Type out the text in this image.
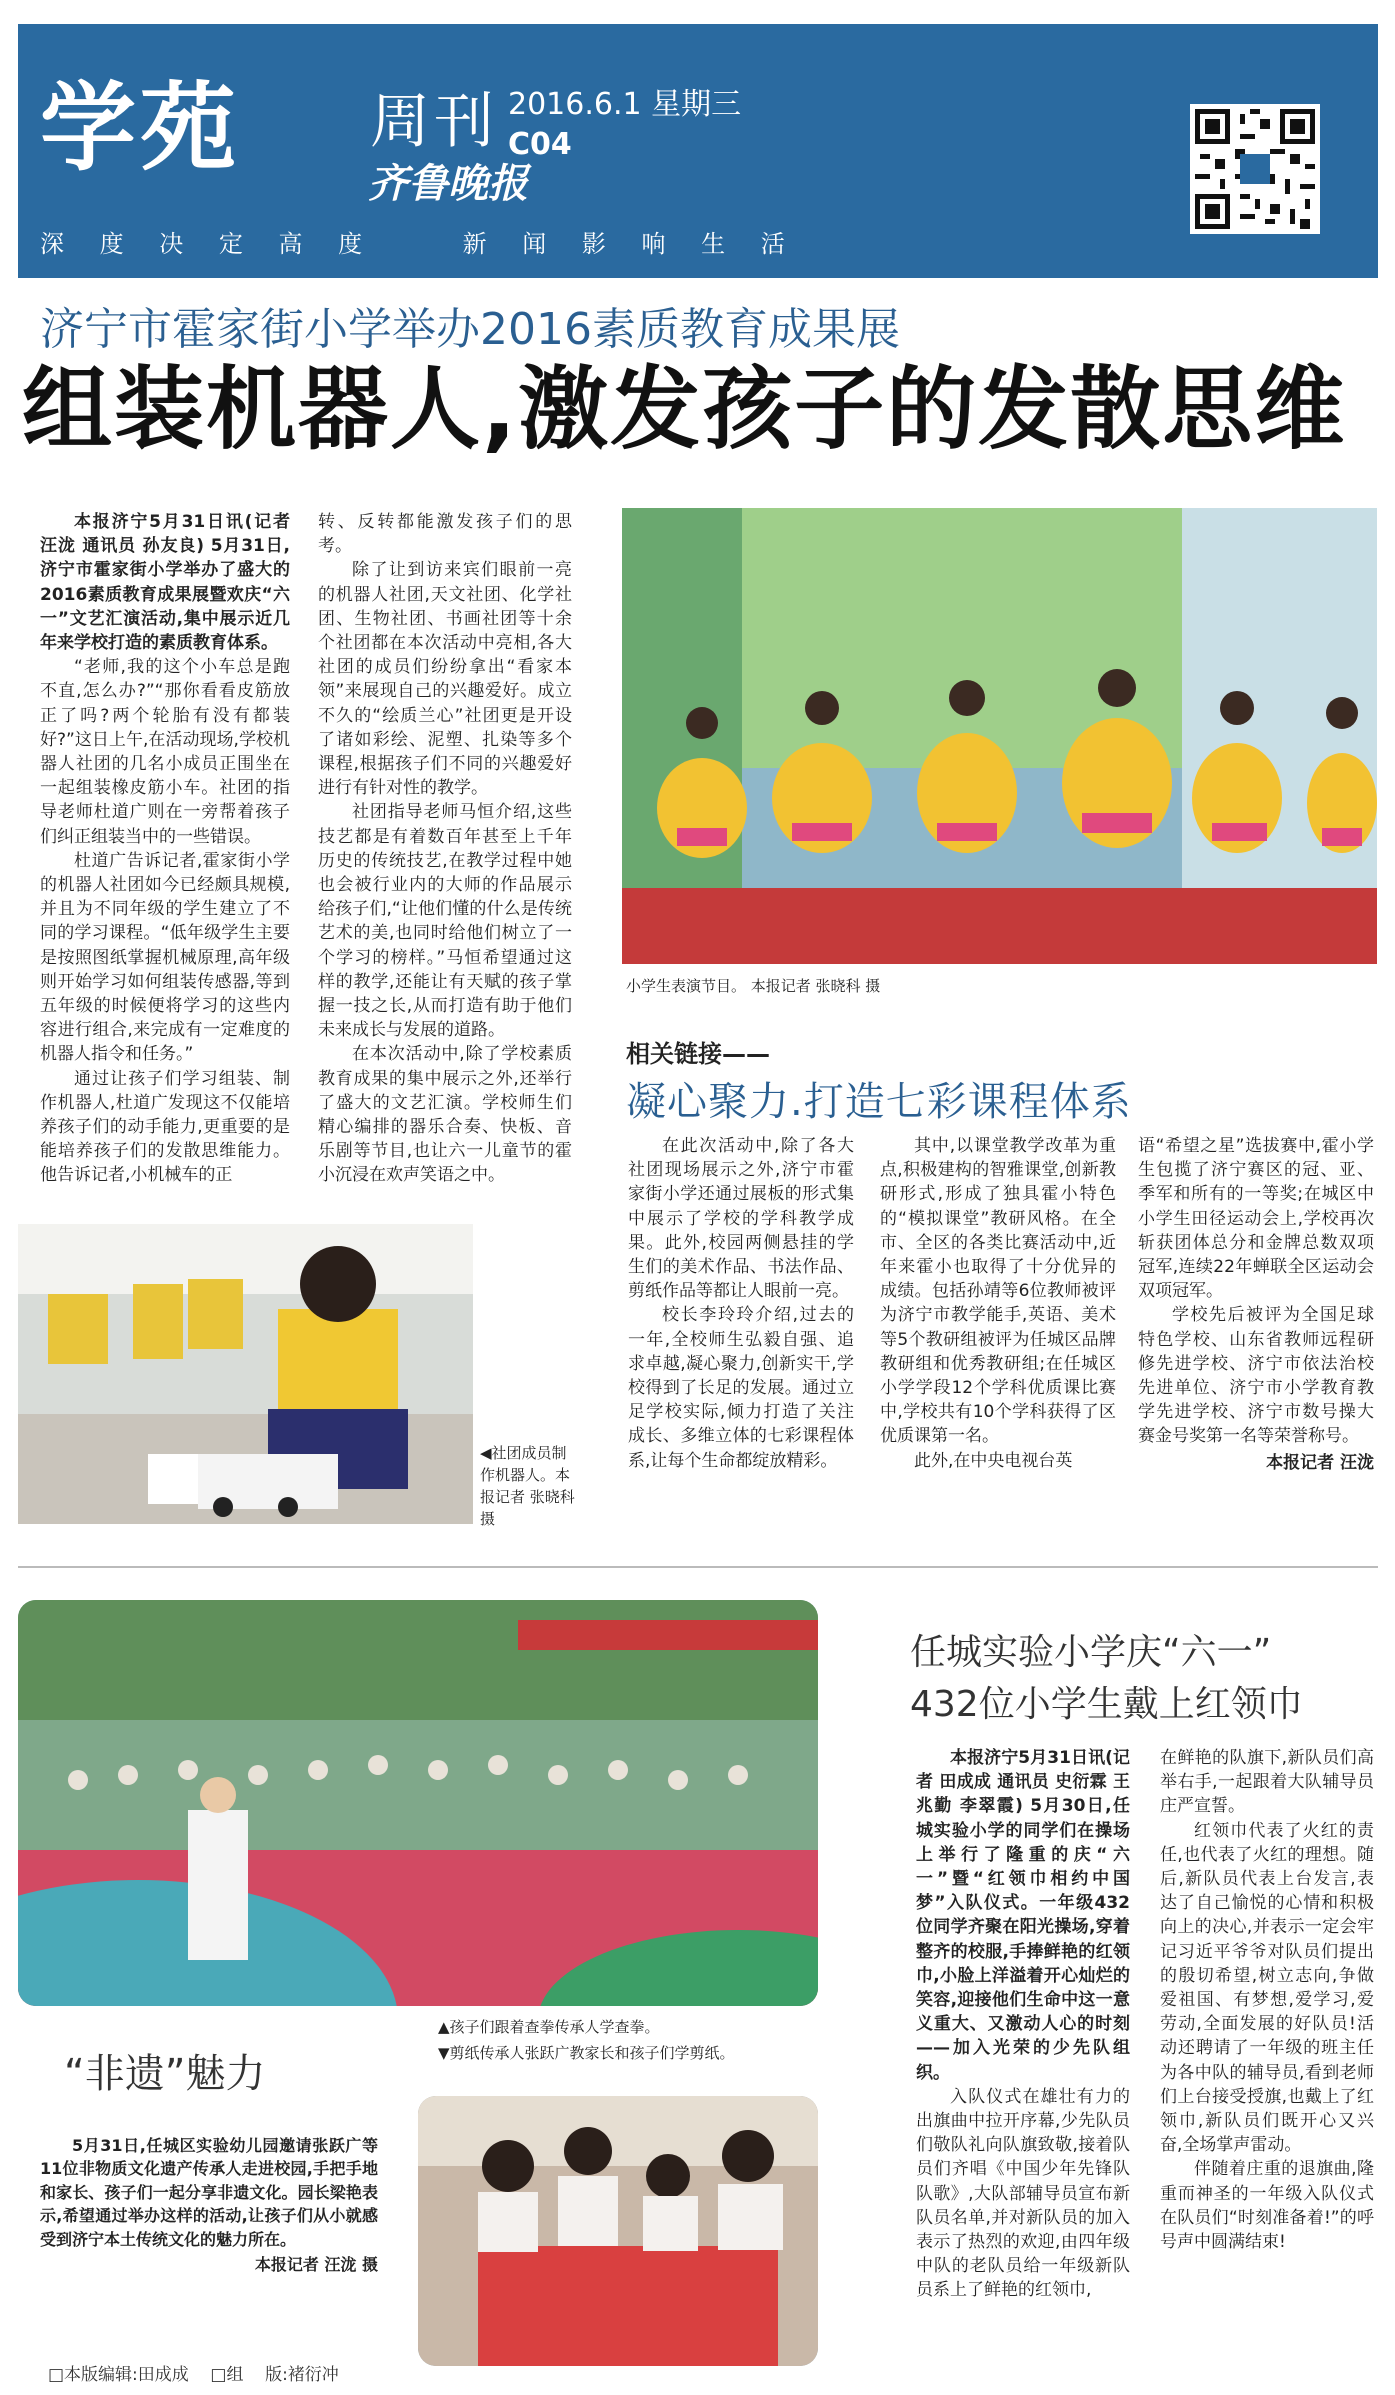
学苑 周刊
齐鲁晚报
2016.6.1 星期三
C04
深 度 决 定 高 度    新 闻 影 响 生 活
济宁市霍家街小学举办2016素质教育成果展
组装机器人,激发孩子的发散思维

本报济宁5月31日讯(记者 汪泷 通讯员 孙友良) 5月31日,济宁市霍家街小学举办了盛大的2016素质教育成果展暨欢庆“六一”文艺汇演活动,集中展示近几年来学校打造的素质教育体系。

“老师,我的这个小车总是跑不直,怎么办?”“那你看看皮筋放正了吗?两个轮胎有没有都装好?”这日上午,在活动现场,学校机器人社团的几名小成员正围坐在一起组装橡皮筋小车。社团的指导老师杜道广则在一旁帮着孩子们纠正组装当中的一些错误。

杜道广告诉记者,霍家街小学的机器人社团如今已经颇具规模,并且为不同年级的学生建立了不同的学习课程。“低年级学生主要是按照图纸掌握机械原理,高年级则开始学习如何组装传感器,等到五年级的时候便将学习的这些内容进行组合,来完成有一定难度的机器人指令和任务。”

通过让孩子们学习组装、制作机器人,杜道广发现这不仅能培养孩子们的动手能力,更重要的是能培养孩子们的发散思维能力。他告诉记者,小机械车的正

转、反转都能激发孩子们的思考。

除了让到访来宾们眼前一亮的机器人社团,天文社团、化学社团、生物社团、书画社团等十余个社团都在本次活动中亮相,各大社团的成员们纷纷拿出“看家本领”来展现自己的兴趣爱好。成立不久的“绘质兰心”社团更是开设了诸如彩绘、泥塑、扎染等多个课程,根据孩子们不同的兴趣爱好进行有针对性的教学。

社团指导老师马恒介绍,这些技艺都是有着数百年甚至上千年历史的传统技艺,在教学过程中她也会被行业内的大师的作品展示给孩子们,“让他们懂的什么是传统艺术的美,也同时给他们树立了一个学习的榜样。”马恒希望通过这样的教学,还能让有天赋的孩子掌握一技之长,从而打造有助于他们未来成长与发展的道路。

在本次活动中,除了学校素质教育成果的集中展示之外,还举行了盛大的文艺汇演。学校师生们精心编排的器乐合奏、快板、音乐剧等节目,也让六一儿童节的霍小沉浸在欢声笑语之中。

小学生表演节目。 本报记者 张晓科 摄
◀社团成员制作机器人。本报记者 张晓科 摄
相关链接——
凝心聚力.打造七彩课程体系

在此次活动中,除了各大社团现场展示之外,济宁市霍家街小学还通过展板的形式集中展示了学校的学科教学成果。此外,校园两侧悬挂的学生们的美术作品、书法作品、剪纸作品等都让人眼前一亮。

校长李玲玲介绍,过去的一年,全校师生弘毅自强、追求卓越,凝心聚力,创新实干,学校得到了长足的发展。通过立足学校实际,倾力打造了关注成长、多维立体的七彩课程体系,让每个生命都绽放精彩。

其中,以课堂教学改革为重点,积极建构的智雅课堂,创新教研形式,形成了独具霍小特色的“模拟课堂”教研风格。在全市、全区的各类比赛活动中,近年来霍小也取得了十分优异的成绩。包括孙靖等6位教师被评为济宁市教学能手,英语、美术等5个教研组被评为任城区品牌教研组和优秀教研组;在任城区小学学段12个学科优质课比赛中,学校共有10个学科获得了区优质课第一名。

此外,在中央电视台英

语“希望之星”选拔赛中,霍小学生包揽了济宁赛区的冠、亚、季军和所有的一等奖;在城区中小学生田径运动会上,学校再次斩获团体总分和金牌总数双项冠军,连续22年蝉联全区运动会双项冠军。

学校先后被评为全国足球特色学校、山东省教师远程研修先进学校、济宁市依法治校先进单位、济宁市小学教育教学先进学校、济宁市数号操大赛金号奖第一名等荣誉称号。

本报记者 汪泷
▲孩子们跟着查拳传承人学查拳。
▼剪纸传承人张跃广教家长和孩子们学剪纸。
“非遗”魅力

5月31日,任城区实验幼儿园邀请张跃广等11位非物质文化遗产传承人走进校园,手把手地和家长、孩子们一起分享非遗文化。园长梁艳表示,希望通过举办这样的活动,让孩子们从小就感受到济宁本土传统文化的魅力所在。

本报记者 汪泷 摄
任城实验小学庆“六一”
432位小学生戴上红领巾

本报济宁5月31日讯(记者 田成成 通讯员 史衍霖 王兆勤 李翠霞) 5月30日,任城实验小学的同学们在操场上举行了隆重的庆“六一”暨“红领巾相约中国梦”入队仪式。一年级432位同学齐聚在阳光操场,穿着整齐的校服,手捧鲜艳的红领巾,小脸上洋溢着开心灿烂的笑容,迎接他们生命中这一意义重大、又激动人心的时刻——加入光荣的少先队组织。

入队仪式在雄壮有力的出旗曲中拉开序幕,少先队员们敬队礼向队旗致敬,接着队员们齐唱《中国少年先锋队队歌》,大队部辅导员宣布新队员名单,并对新队员的加入表示了热烈的欢迎,由四年级中队的老队员给一年级新队员系上了鲜艳的红领巾,

在鲜艳的队旗下,新队员们高举右手,一起跟着大队辅导员庄严宣誓。

红领巾代表了火红的责任,也代表了火红的理想。随后,新队员代表上台发言,表达了自己愉悦的心情和积极向上的决心,并表示一定会牢记习近平爷爷对队员们提出的殷切希望,树立志向,争做爱祖国、有梦想,爱学习,爱劳动,全面发展的好队员!活动还聘请了一年级的班主任为各中队的辅导员,看到老师们上台接受授旗,也戴上了红领巾,新队员们既开心又兴奋,全场掌声雷动。

伴随着庄重的退旗曲,隆重而神圣的一年级入队仪式在队员们“时刻准备着!”的呼号声中圆满结束!

□本版编辑:田成成    □组    版:褚衍冲
